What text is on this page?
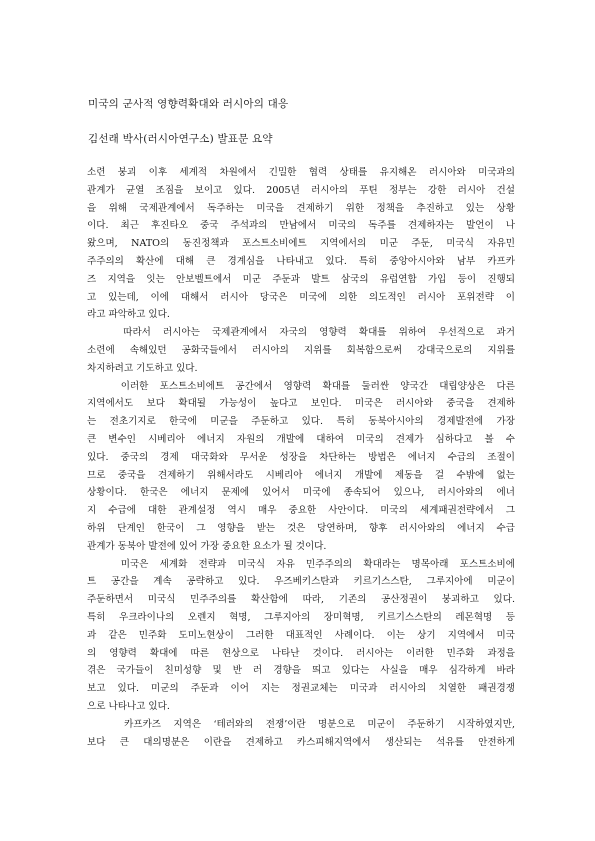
미국의 군사적 영향력확대와 러시아의 대응
김선래 박사(러시아연구소) 발표문 요약
소련 붕괴 이후 세계적 차원에서 긴밀한 협력 상태를 유지해온 러시아와 미국과의
관계가 균열 조짐을 보이고 있다. 2005년 러시아의 푸틴 정부는 강한 러시아 건설
을 위해 국제관계에서 독주하는 미국을 견제하기 위한 정책을 추진하고 있는 상황
이다. 최근 후진타오 중국 주석과의 만남에서 미국의 독주를 견제하자는 발언이 나
왔으며, NATO의 동진정책과 포스트소비에트 지역에서의 미군 주둔, 미국식 자유민
주주의의 확산에 대해 큰 경계심을 나타내고 있다. 특히 중앙아시아와 남부 카프카
즈 지역을 잇는 안보벨트에서 미군 주둔과 발트 삼국의 유럽연합 가입 등이 진행되
고 있는데, 이에 대해서 러시아 당국은 미국에 의한 의도적인 러시아 포위전략 이
라고 파악하고 있다.
따라서 러시아는 국제관계에서 자국의 영향력 확대를 위하여 우선적으로 과거
소련에 속해있던 공화국들에서 러시아의 지위를 회복함으로써 강대국으로의 지위를
차지하려고 기도하고 있다.
이러한 포스트소비에트 공간에서 영향력 확대를 둘러싼 양국간 대립양상은 다른
지역에서도 보다 확대될 가능성이 높다고 보인다. 미국은 러시아와 중국을 견제하
는 전초기지로 한국에 미군을 주둔하고 있다. 특히 동북아시아의 경제발전에 가장
큰 변수인 시베리아 에너지 자원의 개발에 대하여 미국의 견제가 심하다고 볼 수
있다. 중국의 경제 대국화와 무서운 성장을 차단하는 방법은 에너지 수급의 조절이
므로 중국을 견제하기 위해서라도 시베리아 에너지 개발에 제동을 걸 수밖에 없는
상황이다. 한국은 에너지 문제에 있어서 미국에 종속되어 있으나, 러시아와의 에너
지 수급에 대한 관계설정 역시 매우 중요한 사안이다. 미국의 세계패권전략에서 그
하위 단계인 한국이 그 영향을 받는 것은 당연하며, 향후 러시아와의 에너지 수급
관계가 동북아 발전에 있어 가장 중요한 요소가 될 것이다.
미국은 세계화 전략과 미국식 자유 민주주의의 확대라는 명목아래 포스트소비에
트 공간을 계속 공략하고 있다. 우즈베키스탄과 키르기스스탄, 그루지아에 미군이
주둔하면서 미국식 민주주의를 확산함에 따라, 기존의 공산정권이 붕괴하고 있다.
특히 우크라이나의 오렌지 혁명, 그루지아의 장미혁명, 키르기스스탄의 레몬혁명 등
과 같은 민주화 도미노현상이 그러한 대표적인 사례이다. 이는 상기 지역에서 미국
의 영향력 확대에 따른 현상으로 나타난 것이다. 러시아는 이러한 민주화 과정을
겪은 국가들이 친미성향 및 반 러 경향을 띄고 있다는 사실을 매우 심각하게 바라
보고 있다. 미군의 주둔과 이어 지는 정권교체는 미국과 러시아의 치열한 패권경쟁
으로 나타나고 있다.
카프카즈 지역은 ‘테러와의 전쟁’이란 명분으로 미군이 주둔하기 시작하였지만,
보다 큰 대의명분은 이란을 견제하고 카스피해지역에서 생산되는 석유를 안전하게
